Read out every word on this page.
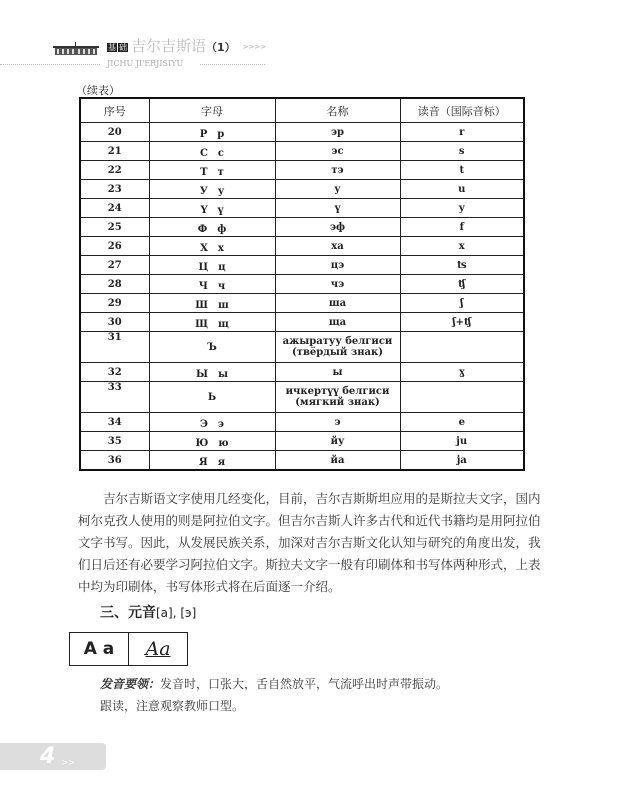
基 础 吉尔吉斯语（1） >>>>
JICHU JI'ERJISIYU
（续表）
序号	字母	名称	读音（国际音标）
20	Р　р	эр	r
21	С　с	эс	s
22	Т　т	тэ	t
23	У　у	у	u
24	Ү　ү	ү	y
25	Ф　ф	эф	f
26	Х　х	ха	x
27	Ц　ц	цэ	ʦ
28	Ч　ч	чэ	ʧ
29	Ш　ш	ша	ʃ
30	Щ　щ	ща	ʃ+ʧ
31	Ъ	ажыратуу белгиси (твёрдый знак)	
32	Ы　ы	ы	ɣ
33	Ь	ичкертүү белгиси (мягкий знак)	
34	Э　э	э	e
35	Ю　ю	йу	ju
36	Я　я	йа	ja
吉尔吉斯语文字使用几经变化，目前，吉尔吉斯斯坦应用的是斯拉夫文字，国内柯尔克孜人使用的则是阿拉伯文字。但吉尔吉斯人许多古代和近代书籍均是用阿拉伯文字书写。因此，从发展民族关系，加深对吉尔吉斯文化认知与研究的角度出发，我们日后还有必要学习阿拉伯文字。斯拉夫文字一般有印刷体和书写体两种形式，上表中均为印刷体，书写体形式将在后面逐一介绍。
三、元音[a], [э]
A a	Aa
发音要领：发音时，口张大，舌自然放平，气流呼出时声带振动。
跟读，注意观察教师口型。
4 >>
